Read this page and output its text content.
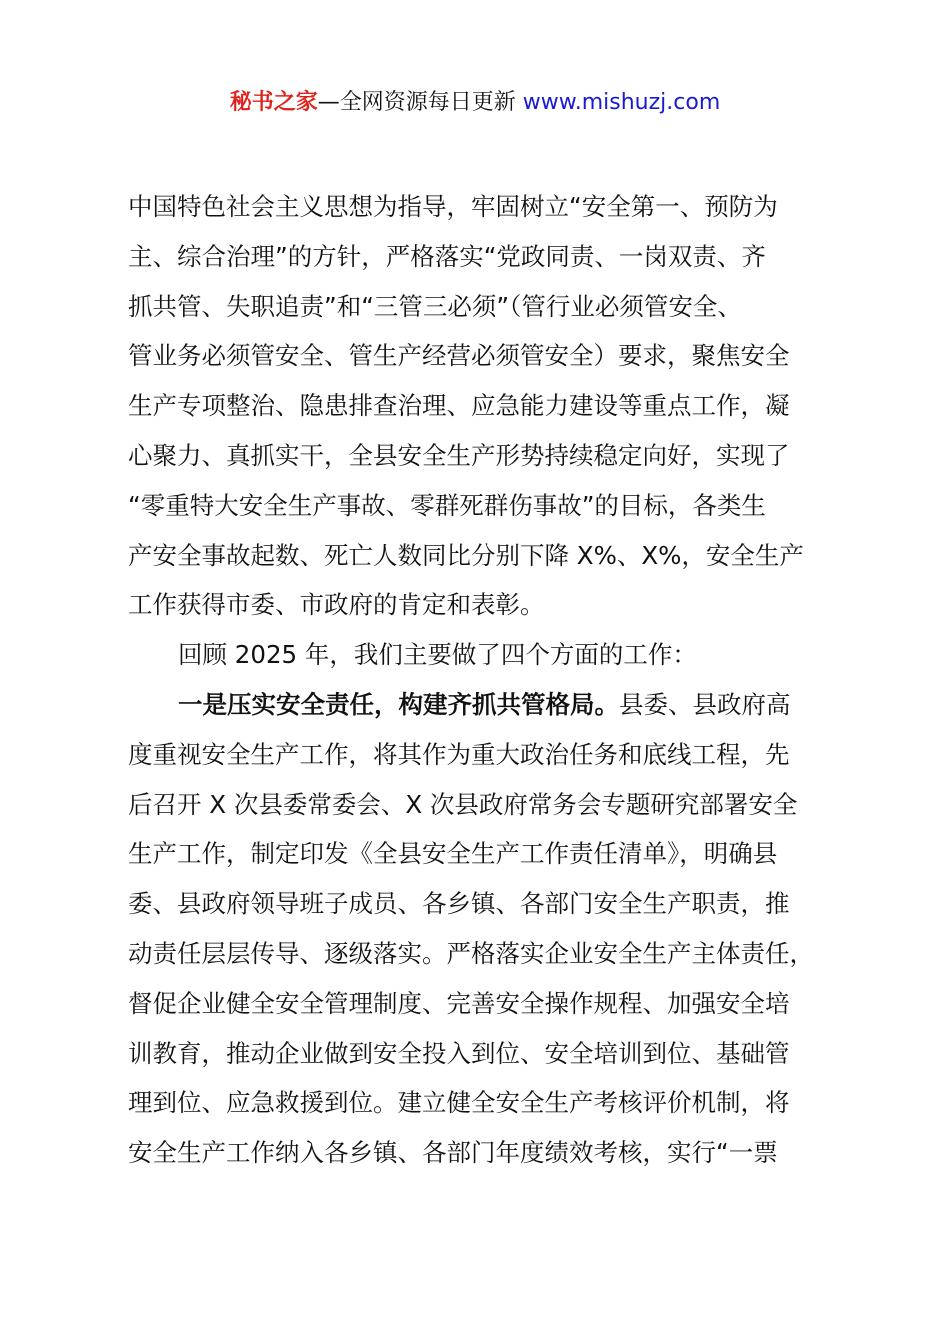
秘书之家—全网资源每日更新 www.mishuzj.com
中国特色社会主义思想为指导，牢固树立“安全第一、预防为
主、综合治理”的方针，严格落实“党政同责、一岗双责、齐
抓共管、失职追责”和“三管三必须”（管行业必须管安全、
管业务必须管安全、管生产经营必须管安全）要求，聚焦安全
生产专项整治、隐患排查治理、应急能力建设等重点工作，凝
心聚力、真抓实干，全县安全生产形势持续稳定向好，实现了
“零重特大安全生产事故、零群死群伤事故”的目标，各类生
产安全事故起数、死亡人数同比分别下降 X%、X%，安全生产
工作获得市委、市政府的肯定和表彰。
回顾 2025 年，我们主要做了四个方面的工作：
一是压实安全责任，构建齐抓共管格局。县委、县政府高
度重视安全生产工作，将其作为重大政治任务和底线工程，先
后召开 X 次县委常委会、X 次县政府常务会专题研究部署安全
生产工作，制定印发《全县安全生产工作责任清单》，明确县
委、县政府领导班子成员、各乡镇、各部门安全生产职责，推
动责任层层传导、逐级落实。严格落实企业安全生产主体责任，
督促企业健全安全管理制度、完善安全操作规程、加强安全培
训教育，推动企业做到安全投入到位、安全培训到位、基础管
理到位、应急救援到位。建立健全安全生产考核评价机制，将
安全生产工作纳入各乡镇、各部门年度绩效考核，实行“一票
